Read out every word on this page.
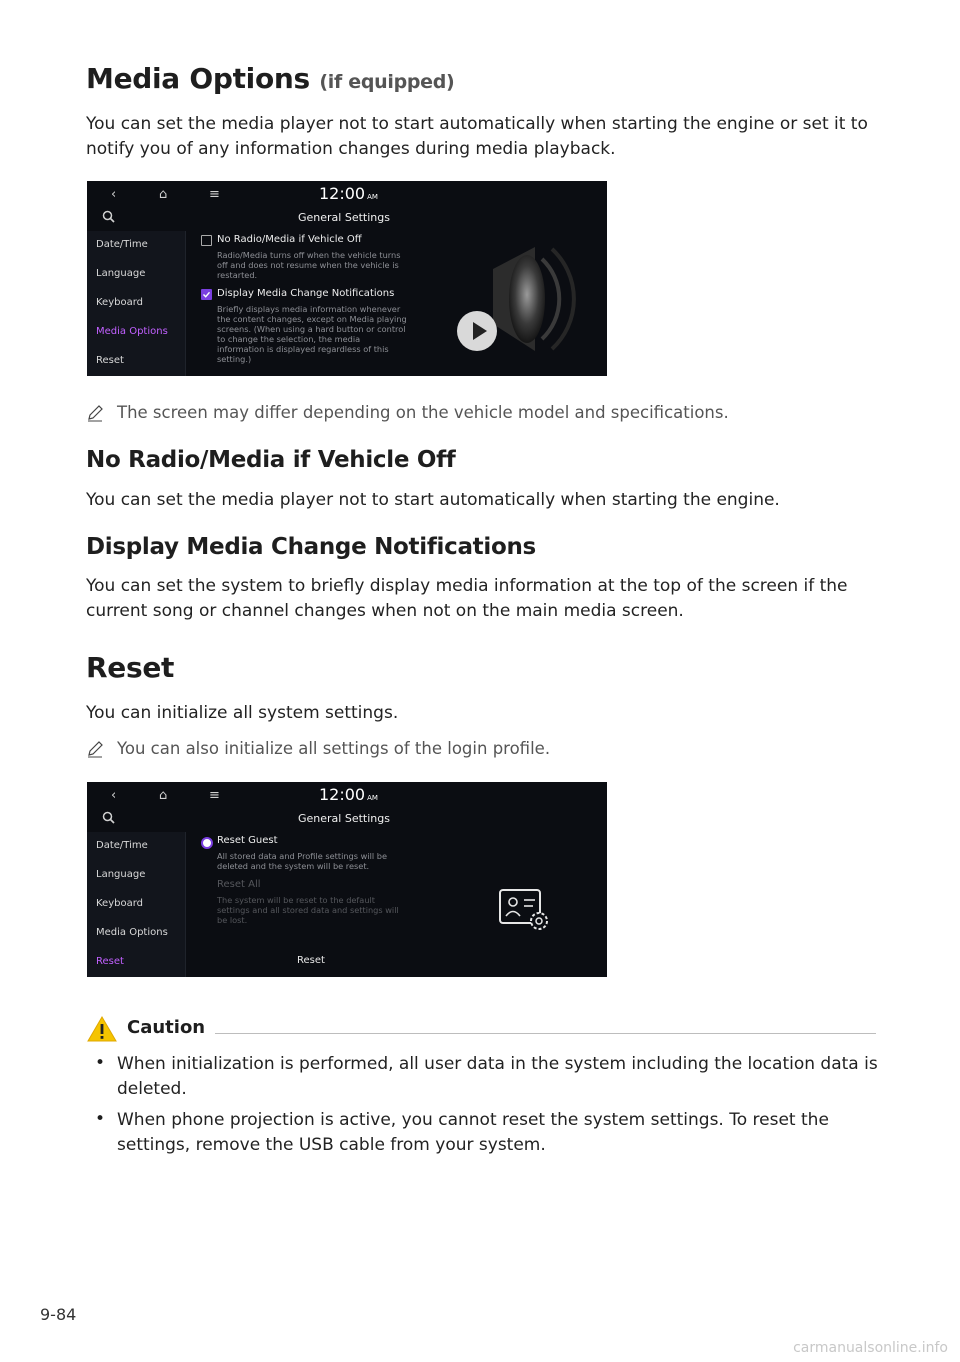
Media Options (if equipped)
You can set the media player not to start automatically when starting the engine or set it to
notify you of any information changes during media playback.
‹	⌂	≡	12:00 AM
General Settings
Date/Time
Language
Keyboard
Media Options
Reset
No Radio/Media if Vehicle Off
Radio/Media turns off when the vehicle turns
off and does not resume when the vehicle is
restarted.
Display Media Change Notifications
Briefly displays media information whenever
the content changes, except on Media playing
screens. (When using a hard button or control
to change the selection, the media
information is displayed regardless of this
setting.)
The screen may differ depending on the vehicle model and specifications.
No Radio/Media if Vehicle Off
You can set the media player not to start automatically when starting the engine.
Display Media Change Notifications
You can set the system to briefly display media information at the top of the screen if the
current song or channel changes when not on the main media screen.
Reset
You can initialize all system settings.
You can also initialize all settings of the login profile.
‹	⌂	≡	12:00 AM
General Settings
Date/Time
Language
Keyboard
Media Options
Reset
Reset Guest
All stored data and Profile settings will be
deleted and the system will be reset.
Reset All
The system will be reset to the default
settings and all stored data and settings will
be lost.
Reset
Caution
• When initialization is performed, all user data in the system including the location data is
deleted.
• When phone projection is active, you cannot reset the system settings. To reset the
settings, remove the USB cable from your system.
9-84
carmanualsonline.info
